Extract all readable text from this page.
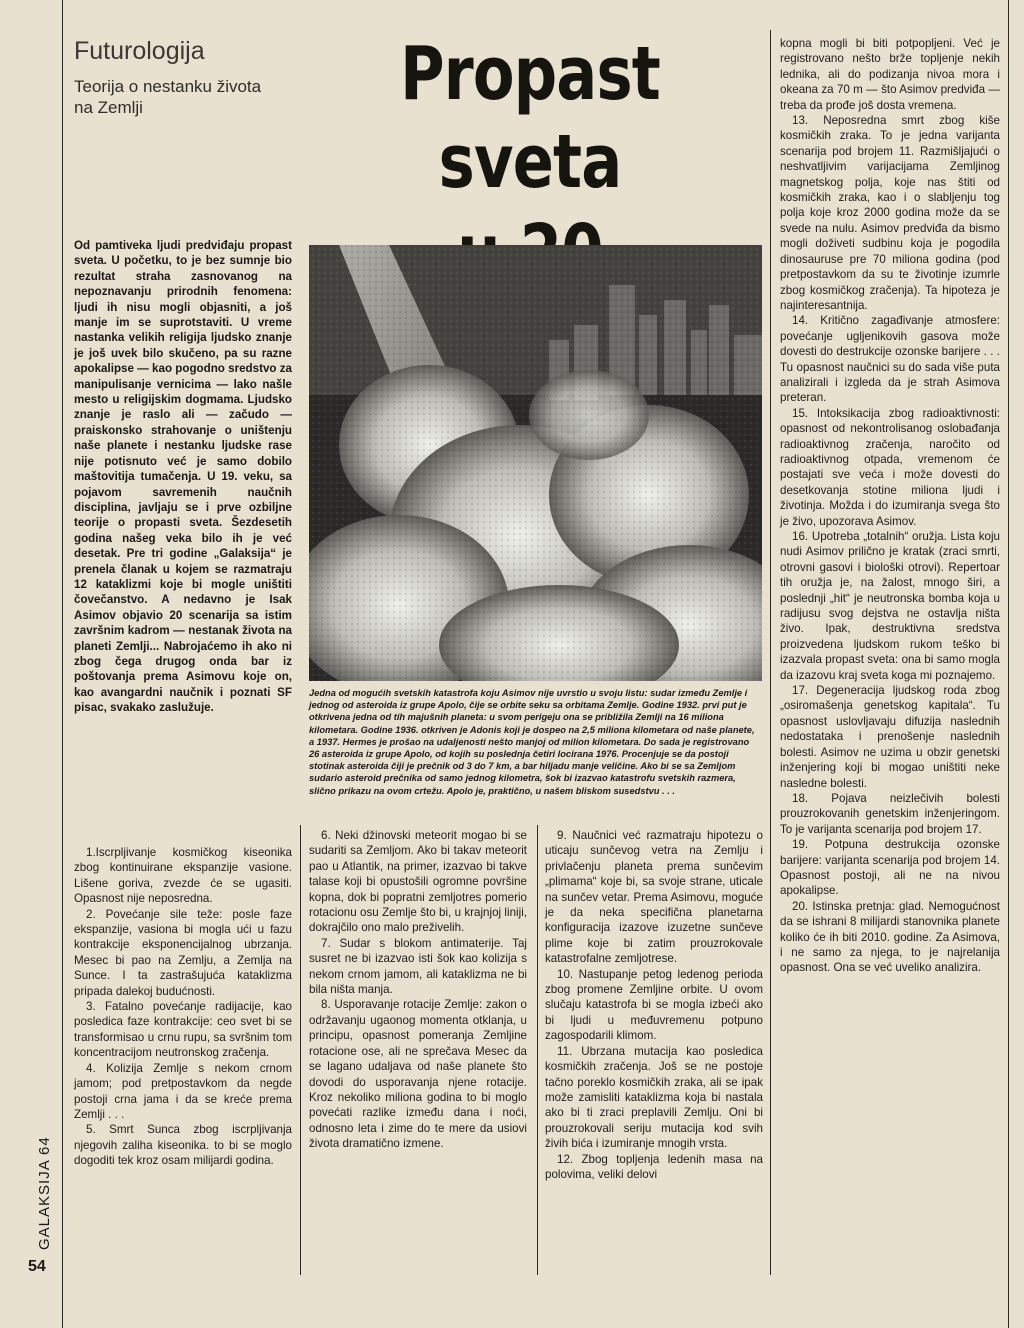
Futurologija
Teorija o nestanku života na Zemlji	Propast sveta
Od pamtiveka ljudi predviđaju propast sveta. U početku, to je bez sumnje bio rezultat straha zasnovanog na nepoznavanju prirodnih fenomena: ljudi ih nisu mogli objasniti, a još manje im se suprotstaviti. U vreme nastanka velikih religija ljudsko znanje je još uvek bilo skučeno, pa su razne apokalipse — kao pogodno sredstvo za manipulisanje vernicima — lako našle mesto u religijskim dogmama. Ljudsko znanje je raslo ali — začudo — praiskonsko strahovanje o uništenju naše planete i nestanku ljudske rase nije potisnuto već je samo dobilo maštovitija tumačenja. U 19. veku, sa pojavom savremenih naučnih disciplina, javljaju se i prve ozbiljne teorije o propasti sveta. Šezdesetih godina našeg veka bilo ih je već desetak. Pre tri godine „Galaksija“ je prenela članak u kojem se razmatraju 12 kataklizmi koje bi mogle uništiti čovečanstvo. A nedavno je Isak Asimov objavio 20 scenarija sa istim završnim kadrom — nestanak života na planeti Zemlji... Nabrojaćemo ih ako ni zbog čega drugog onda bar iz poštovanja prema Asimovu koje on, kao avangardni naučnik i poznati SF pisac, svakako zaslužuje.
Jedna od mogućih svetskih katastrofa koju Asimov nije uvrstio u svoju listu: sudar između Zemlje i jednog od asteroida iz grupe Apolo, čije se orbite seku sa orbitama Zemlje. Godine 1932. prvi put je otkrivena jedna od tih majušnih planeta: u svom perigeju ona se približila Zemlji na 16 miliona kilometara. Godine 1936. otkriven je Adonis koji je dospeo na 2,5 miliona kilometara od naše planete, a 1937. Hermes je prošao na udaljenosti nešto manjoj od milion kilometara. Do sada je registrovano 26 asteroida iz grupe Apolo, od kojih su poslednja četiri locirana 1976. Procenjuje se da postoji stotinak asteroida čiji je prečnik od 3 do 7 km, a bar hiljadu manje veličine. Ako bi se sa Zemljom sudario asteroid prečnika od samo jednog kilometra, šok bi izazvao katastrofu svetskih razmera, slično prikazu na ovom crtežu. Apolo je, praktično, u našem bliskom susedstvu . . .

1.Iscrpljivanje kosmičkog kiseonika zbog kontinuirane ekspanzije vasione. Lišene goriva, zvezde će se ugasiti. Opasnost nije neposredna.

2. Povećanje sile teže: posle faze ekspanzije, vasiona bi mogla ući u fazu kontrakcije eksponencijalnog ubrzanja. Mesec bi pao na Zemlju, a Zemlja na Sunce. I ta zastrašujuća kataklizma pripada dalekoj budućnosti.

3. Fatalno povećanje radijacije, kao posledica faze kontrakcije: ceo svet bi se transformisao u crnu rupu, sa svršnim tom koncentracijom neutronskog zračenja.

4. Kolizija Zemlje s nekom crnom jamom; pod pretpostavkom da negde postoji crna jama i da se kreće prema Zemlji . . .

5. Smrt Sunca zbog iscrpljivanja njegovih zaliha kiseonika. to bi se moglo dogoditi tek kroz osam milijardi godina.

6. Neki džinovski meteorit mogao bi se sudariti sa Zemljom. Ako bi takav meteorit pao u Atlantik, na primer, izazvao bi takve talase koji bi opustošili ogromne površine kopna, dok bi popratni zemljotres pomerio rotacionu osu Zemlje što bi, u krajnjoj liniji, dokrajčilo ono malo preživelih.

7. Sudar s blokom antimaterije. Taj susret ne bi izazvao isti šok kao kolizija s nekom crnom jamom, ali kataklizma ne bi bila ništa manja.

8. Usporavanje rotacije Zemlje: zakon o održavanju ugaonog momenta otklanja, u principu, opasnost pomeranja Zemljine rotacione ose, ali ne sprečava Mesec da se lagano udaljava od naše planete što dovodi do usporavanja njene rotacije. Kroz nekoliko miliona godina to bi moglo povećati razlike između dana i noći, odnosno leta i zime do te mere da usiovi života dramatično izmene.

9. Naučnici već razmatraju hipotezu o uticaju sunčevog vetra na Zemlju i privlačenju planeta prema sunčevim „plimama“ koje bi, sa svoje strane, uticale na sunčev vetar. Prema Asimovu, moguće je da neka specifična planetarna konfiguracija izazove izuzetne sunčeve plime koje bi zatim prouzrokovale katastrofalne zemljotrese.

10. Nastupanje petog ledenog perioda zbog promene Zemljine orbite. U ovom slučaju katastrofa bi se mogla izbeći ako bi ljudi u međuvremenu potpuno zagospodarili klimom.

11. Ubrzana mutacija kao posledica kosmičkih zračenja. Još se ne postoje tačno poreklo kosmičkih zraka, ali se ipak može zamisliti kataklizma koja bi nastala ako bi ti zraci preplavili Zemlju. Oni bi prouzrokovali seriju mutacija kod svih živih bića i izumiranje mnogih vrsta.

12. Zbog topljenja ledenih masa na polovima, veliki delovi

kopna mogli bi biti potpoplјeni. Već je registrovano nešto brže topljenje nekih lednika, ali do podizanja nivoa mora i okeana za 70 m — što Asimov predviđa — treba da prođe još dosta vremena.

13. Neposredna smrt zbog kiše kosmičkih zraka. To je jedna varijanta scenarija pod brojem 11. Razmišljajući o neshvatljivim varijacijama Zemljinog magnetskog polja, koje nas štiti od kosmičkih zraka, kao i o slabljenju tog polja koje kroz 2000 godina može da se svede na nulu. Asimov predviđa da bismo mogli doživeti sudbinu koja je pogodila dinosauruse pre 70 miliona godina (pod pretpostavkom da su te životinje izumrle zbog kosmičkog zračenja). Ta hipoteza je najinteresantnija.

14. Kritično zagađivanje atmosfere: povećanje ugljenikovih gasova može dovesti do destrukcije ozonske barijere . . . Tu opasnost naučnici su do sada više puta analizirali i izgleda da je strah Asimova preteran.

15. Intoksikacija zbog radioaktivnosti: opasnost od nekontrolisanog oslobađanja radioaktivnog zračenja, naročito od radioaktivnog otpada, vremenom će postajati sve veća i može dovesti do desetkovanja stotine miliona ljudi i životinja. Možda i do izumiranja svega što je živo, upozorava Asimov.

16. Upotreba „totalnih“ oružja. Lista koju nudi Asimov prilično je kratak (zraci smrti, otrovni gasovi i biološki otrovi). Repertoar tih oružja je, na žalost, mnogo širi, a poslednji „hit“ je neutronska bomba koja u radijusu svog dejstva ne ostavlja ništa živo. Ipak, destruktivna sredstva proizvedena ljudskom rukom teško bi izazvala propast sveta: ona bi samo mogla da izazovu kraj sveta koga mi poznajemo.

17. Degeneracija ljudskog roda zbog „osiromašenja genetskog kapitala“. Tu opasnost uslovljavaju difuzija naslednih nedostataka i prenošenje naslednih bolesti. Asimov ne uzima u obzir genetski inženjering koji bi mogao uništiti neke nasledne bolesti.

18. Pojava neizlečivih bolesti prouzrokovanih genetskim inženjeringom. To je varijanta scenarija pod brojem 17.

19. Potpuna destrukcija ozonske barijere: varijanta scenarija pod brojem 14. Opasnost postoji, ali ne na nivou apokalipse.

20. Istinska pretnja: glad. Nemogućnost da se ishrani 8 milijardi stanovnika planete koliko će ih biti 2010. godine. Za Asimova, i ne samo za njega, to je najrelanija opasnost. Ona se već uveliko analizira.

GALAKSIJA 64
54
